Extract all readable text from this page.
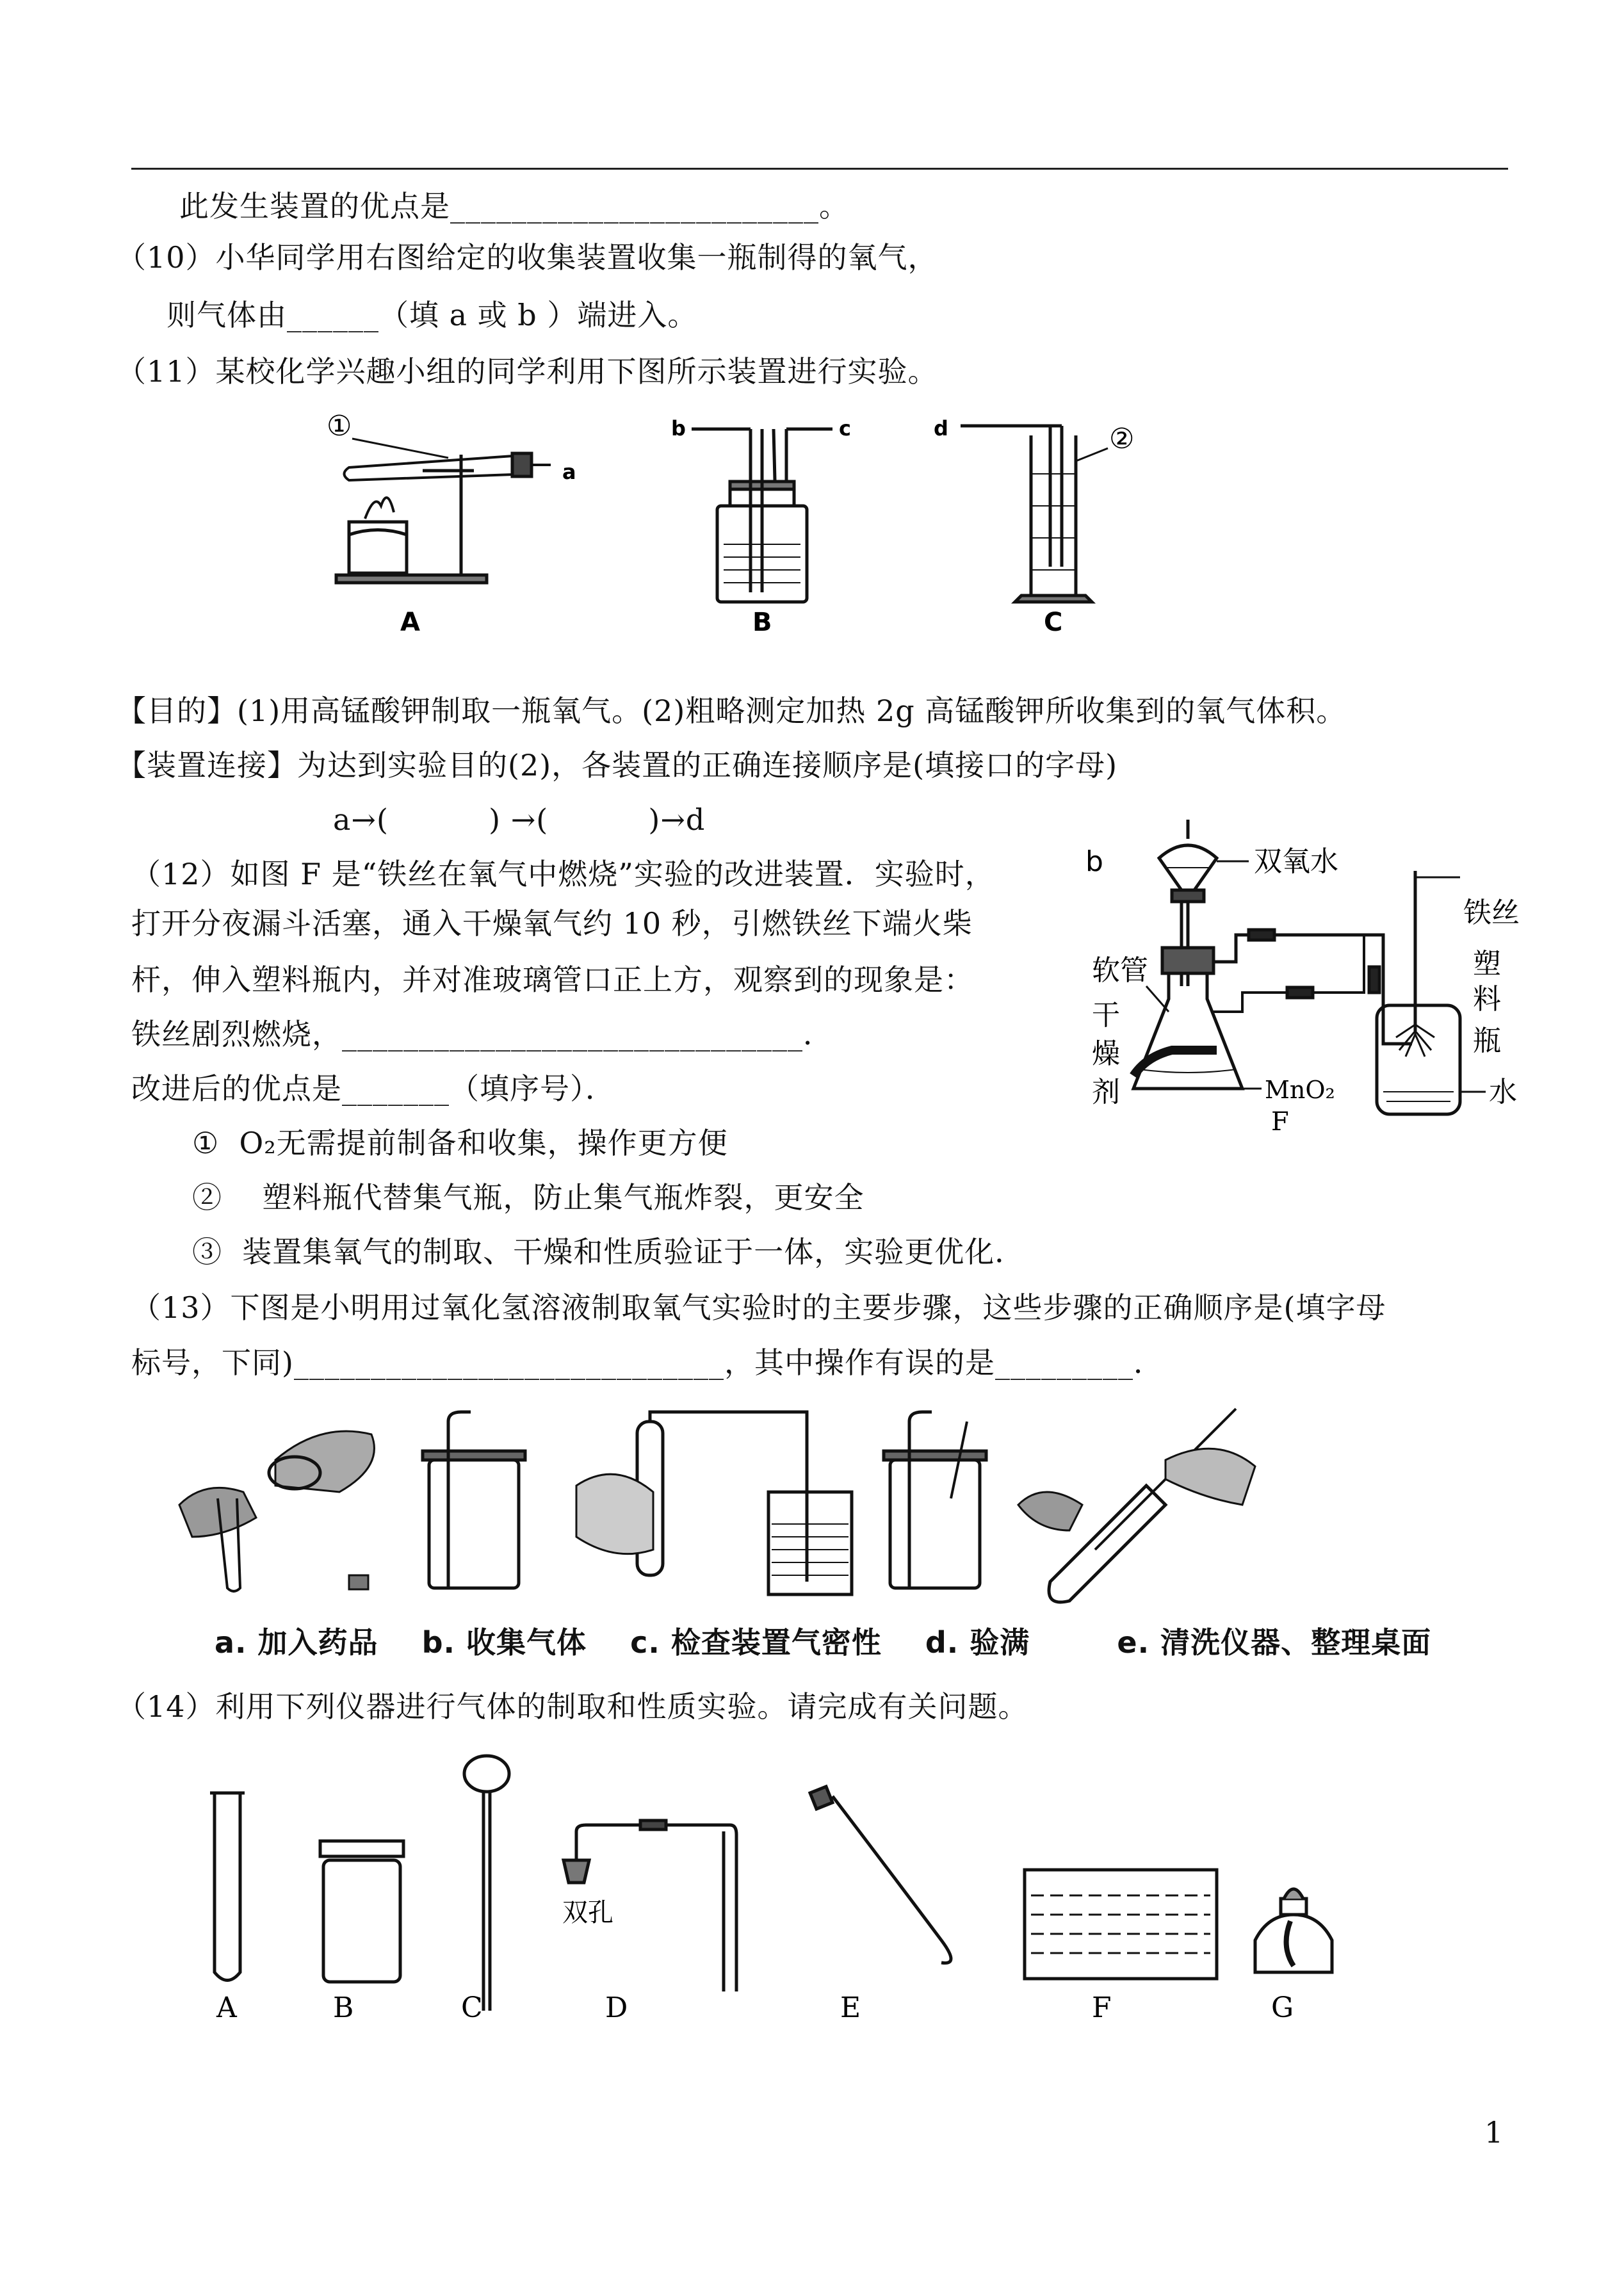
此发生装置的优点是________________________。
（10）小华同学用右图给定的收集装置收集一瓶制得的氧气，
则气体由______（填 a 或 b ）端进入。
（11）某校化学兴趣小组的同学利用下图所示装置进行实验。
①
a
b	c	d	②
A	B	C
【目的】(1)用高锰酸钾制取一瓶氧气。(2)粗略测定加热 2g 高锰酸钾所收集到的氧气体积。
【装置连接】为达到实验目的(2)，各装置的正确连接顺序是(填接口的字母)
a→(          ) →(          )→d
（12）如图 F 是“铁丝在氧气中燃烧”实验的改进装置．实验时，
打开分夜漏斗活塞，通入干燥氧气约 10 秒，引燃铁丝下端火柴
杆，伸入塑料瓶内，并对准玻璃管口正上方，观察到的现象是：
铁丝剧烈燃烧，______________________________．
改进后的优点是_______（填序号）．
①  O₂无需提前制备和收集，操作更方便
②    塑料瓶代替集气瓶，防止集气瓶炸裂，更安全
③  装置集氧气的制取、干燥和性质验证于一体，实验更优化．
b	双氧水
铁丝
软管
干
燥
剂
塑
料
瓶
水
MnO₂
F
（13）下图是小明用过氧化氢溶液制取氧气实验时的主要步骤，这些步骤的正确顺序是(填字母
标号，下同)____________________________，其中操作有误的是_________．
a. 加入药品    b. 收集气体    c. 检查装置气密性    d. 验满        e. 清洗仪器、整理桌面
（14）利用下列仪器进行气体的制取和性质实验。请完成有关问题。
双孔
A	B	C	D	E	F	G
1
